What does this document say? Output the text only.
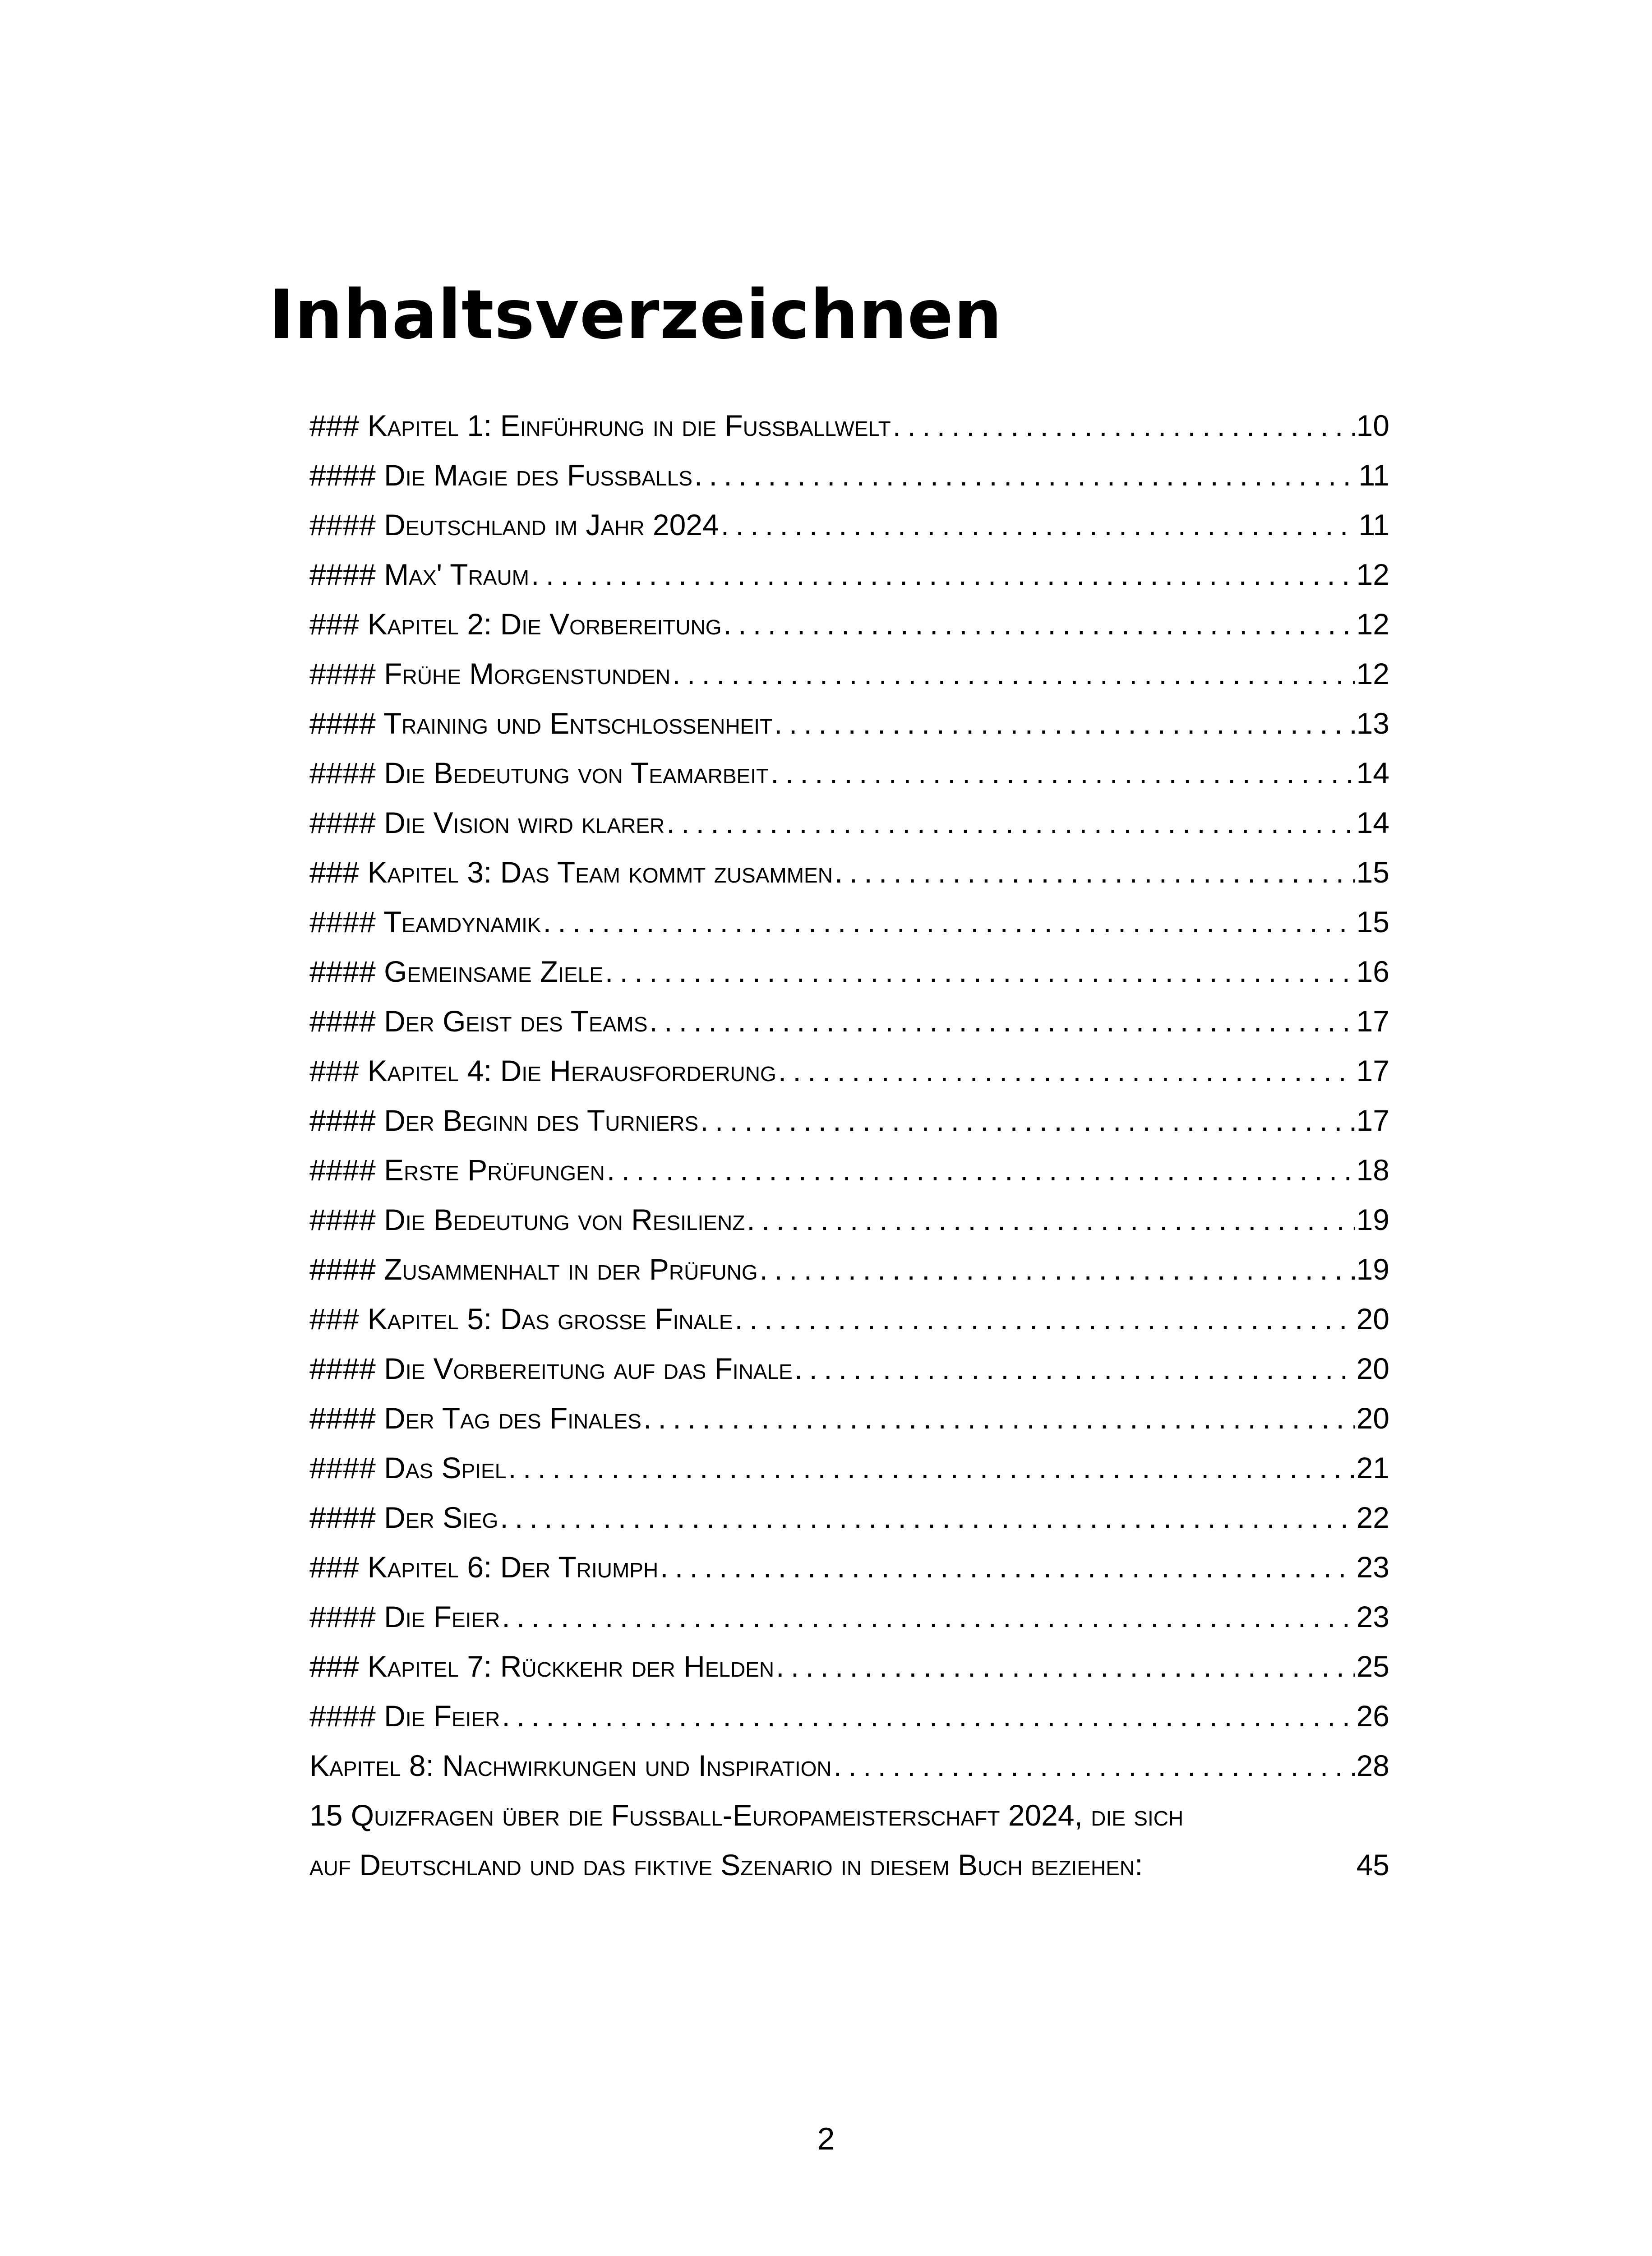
Inhaltsverzeichnen
### Kapitel 1: Einführung in die Fußballwelt . . .	10
#### Die Magie des Fußballs . . .	11
#### Deutschland im Jahr 2024 . . .	11
#### Max' Traum . . .	12
### Kapitel 2: Die Vorbereitung . . .	12
#### Frühe Morgenstunden . . .	12
#### Training und Entschlossenheit . . .	13
#### Die Bedeutung von Teamarbeit . . .	14
#### Die Vision wird klarer . . .	14
### Kapitel 3: Das Team kommt zusammen . . .	15
#### Teamdynamik . . .	15
#### Gemeinsame Ziele . . .	16
#### Der Geist des Teams . . .	17
### Kapitel 4: Die Herausforderung . . .	17
#### Der Beginn des Turniers . . .	17
#### Erste Prüfungen . . .	18
#### Die Bedeutung von Resilienz . . .	19
#### Zusammenhalt in der Prüfung . . .	19
### Kapitel 5: Das große Finale . . .	20
#### Die Vorbereitung auf das Finale . . .	20
#### Der Tag des Finales . . .	20
#### Das Spiel . . .	21
#### Der Sieg . . .	22
### Kapitel 6: Der Triumph . . .	23
#### Die Feier . . .	23
### Kapitel 7: Rückkehr der Helden . . .	25
#### Die Feier . . .	26
Kapitel 8: Nachwirkungen und Inspiration . . .	28
15 Quizfragen über die Fußball-Europameisterschaft 2024, die sich
auf Deutschland und das fiktive Szenario in diesem Buch beziehen:	45
2
